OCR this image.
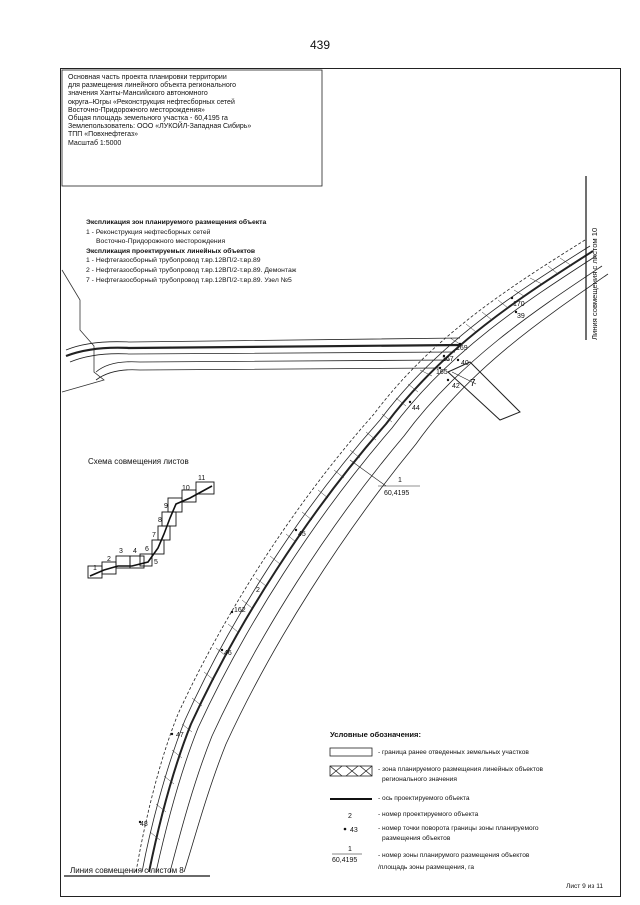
439
1
60,4195
7
170
39
169
167
40
165
42
44
45
162
46
47
48
2
1
2
3 4
5
6
7
8
9
10
11
2
43
1
60,4195
Основная часть проекта планировки территории
для размещения линейного объекта регионального
значения Ханты-Мансийского автономного
округа–Югры «Реконструкция нефтесборных сетей
Восточно-Придорожного месторождения»
Общая площадь земельного участка - 60,4195 га
Землепользователь: ООО «ЛУКОЙЛ-Западная Сибирь»
ТПП «Повхнефтегаз»
Масштаб 1:5000
Экспликация зон планируемого размещения объекта
1 - Реконструкция нефтесборных сетей
Восточно-Придорожного месторождения
Экспликация проектируемых линейных объектов
1 - Нефтегазосборный трубопровод т.вр.12ВП/2-т.вр.89
2 - Нефтегазосборный трубопровод т.вр.12ВП/2-т.вр.89. Демонтаж
7 - Нефтегазосборный трубопровод т.вр.12ВП/2-т.вр.89. Узел №5
Схема совмещения листов
Линия совмещения с листом 10
Линия совмещения с листом 8
Условные обозначения:
- граница ранее отведенных земельных участков
- зона планируемого размещения линейных объектов
регионального значения
- ось проектируемого объекта
- номер проектируемого объекта
- номер точки поворота границы зоны планируемого
размещения объектов
- номер зоны планирумого размещения объектов
/площадь зоны размещения, га
Лист 9 из 11
